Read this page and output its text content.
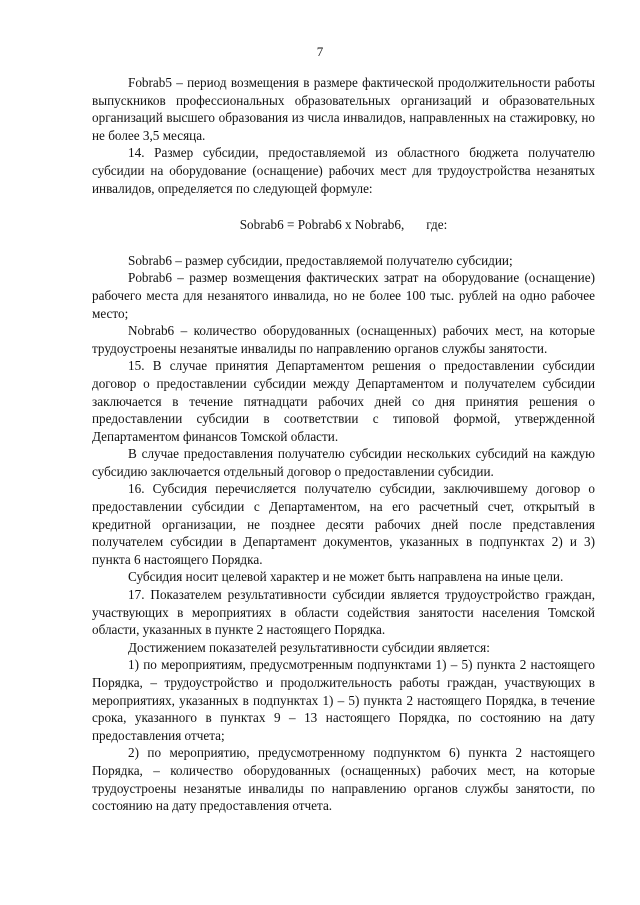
7

Fobrab5 – период возмещения в размере фактической продолжительности работы выпускников профессиональных образовательных организаций и образовательных организаций высшего образования из числа инвалидов, направленных на стажировку, но не более 3,5 месяца.

14. Размер субсидии, предоставляемой из областного бюджета получателю субсидии на оборудование (оснащение) рабочих мест для трудоустройства незанятых инвалидов, определяется по следующей формуле:

Sobrab6 = Pobrab6 x Nobrab6, где:

Sobrab6 – размер субсидии, предоставляемой получателю субсидии;

Pobrab6 – размер возмещения фактических затрат на оборудование (оснащение) рабочего места для незанятого инвалида, но не более 100 тыс. рублей на одно рабочее место;

Nobrab6 – количество оборудованных (оснащенных) рабочих мест, на которые трудоустроены незанятые инвалиды по направлению органов службы занятости.

15. В случае принятия Департаментом решения о предоставлении субсидии договор о предоставлении субсидии между Департаментом и получателем субсидии заключается в течение пятнадцати рабочих дней со дня принятия решения о предоставлении субсидии в соответствии с типовой формой, утвержденной Департаментом финансов Томской области.

В случае предоставления получателю субсидии нескольких субсидий на каждую субсидию заключается отдельный договор о предоставлении субсидии.

16. Субсидия перечисляется получателю субсидии, заключившему договор о предоставлении субсидии с Департаментом, на его расчетный счет, открытый в кредитной организации, не позднее десяти рабочих дней после представления получателем субсидии в Департамент документов, указанных в подпунктах 2) и 3) пункта 6 настоящего Порядка.

Субсидия носит целевой характер и не может быть направлена на иные цели.

17. Показателем результативности субсидии является трудоустройство граждан, участвующих в мероприятиях в области содействия занятости населения Томской области, указанных в пункте 2 настоящего Порядка.

Достижением показателей результативности субсидии является:

1) по мероприятиям, предусмотренным подпунктами 1) – 5) пункта 2 настоящего Порядка, – трудоустройство и продолжительность работы граждан, участвующих в мероприятиях, указанных в подпунктах 1) – 5) пункта 2 настоящего Порядка, в течение срока, указанного в пунктах 9 – 13 настоящего Порядка, по состоянию на дату предоставления отчета;

2) по мероприятию, предусмотренному подпунктом 6) пункта 2 настоящего Порядка, – количество оборудованных (оснащенных) рабочих мест, на которые трудоустроены незанятые инвалиды по направлению органов службы занятости, по состоянию на дату предоставления отчета.
